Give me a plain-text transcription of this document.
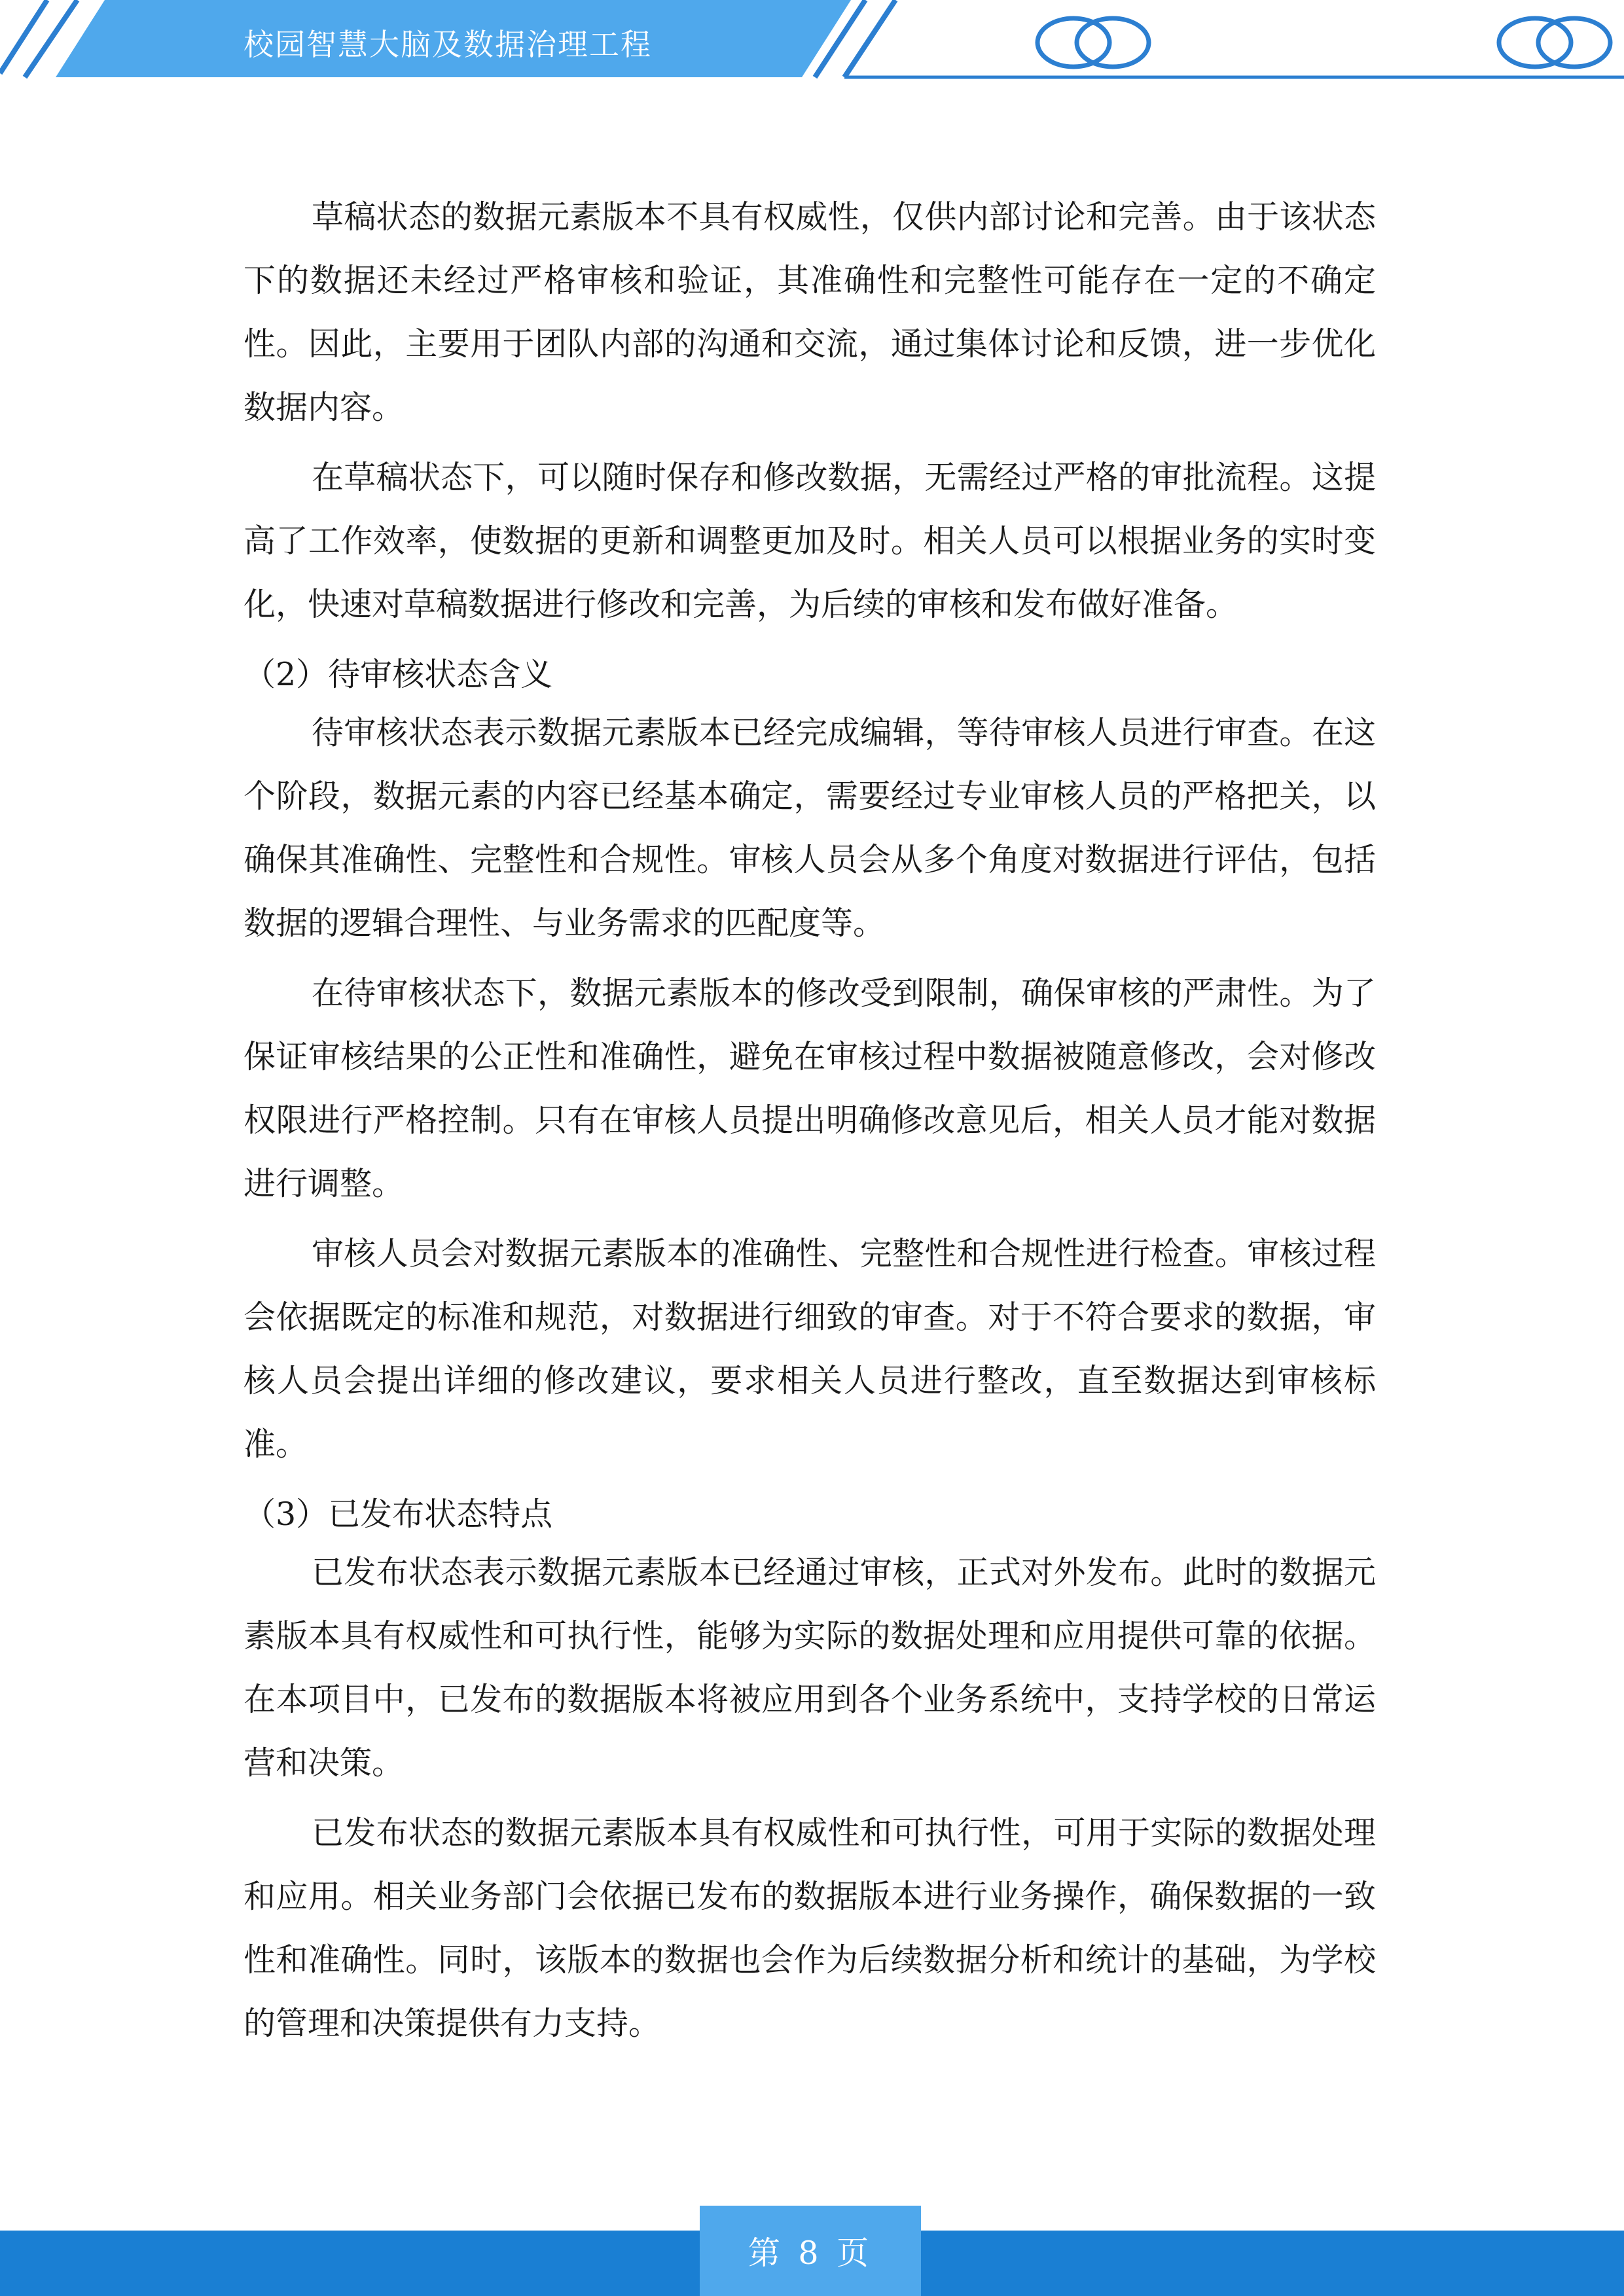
校园智慧大脑及数据治理工程

草稿状态的数据元素版本不具有权威性，仅供内部讨论和完善。由于该状态下的数据还未经过严格审核和验证，其准确性和完整性可能存在一定的不确定性。因此，主要用于团队内部的沟通和交流，通过集体讨论和反馈，进一步优化数据内容。

在草稿状态下，可以随时保存和修改数据，无需经过严格的审批流程。这提高了工作效率，使数据的更新和调整更加及时。相关人员可以根据业务的实时变化，快速对草稿数据进行修改和完善，为后续的审核和发布做好准备。

（2）待审核状态含义

待审核状态表示数据元素版本已经完成编辑，等待审核人员进行审查。在这个阶段，数据元素的内容已经基本确定，需要经过专业审核人员的严格把关，以确保其准确性、完整性和合规性。审核人员会从多个角度对数据进行评估，包括数据的逻辑合理性、与业务需求的匹配度等。

在待审核状态下，数据元素版本的修改受到限制，确保审核的严肃性。为了保证审核结果的公正性和准确性，避免在审核过程中数据被随意修改，会对修改权限进行严格控制。只有在审核人员提出明确修改意见后，相关人员才能对数据进行调整。

审核人员会对数据元素版本的准确性、完整性和合规性进行检查。审核过程会依据既定的标准和规范，对数据进行细致的审查。对于不符合要求的数据，审核人员会提出详细的修改建议，要求相关人员进行整改，直至数据达到审核标准。

（3）已发布状态特点

已发布状态表示数据元素版本已经通过审核，正式对外发布。此时的数据元素版本具有权威性和可执行性，能够为实际的数据处理和应用提供可靠的依据。在本项目中，已发布的数据版本将被应用到各个业务系统中，支持学校的日常运营和决策。

已发布状态的数据元素版本具有权威性和可执行性，可用于实际的数据处理和应用。相关业务部门会依据已发布的数据版本进行业务操作，确保数据的一致性和准确性。同时，该版本的数据也会作为后续数据分析和统计的基础，为学校的管理和决策提供有力支持。

第 8 页
